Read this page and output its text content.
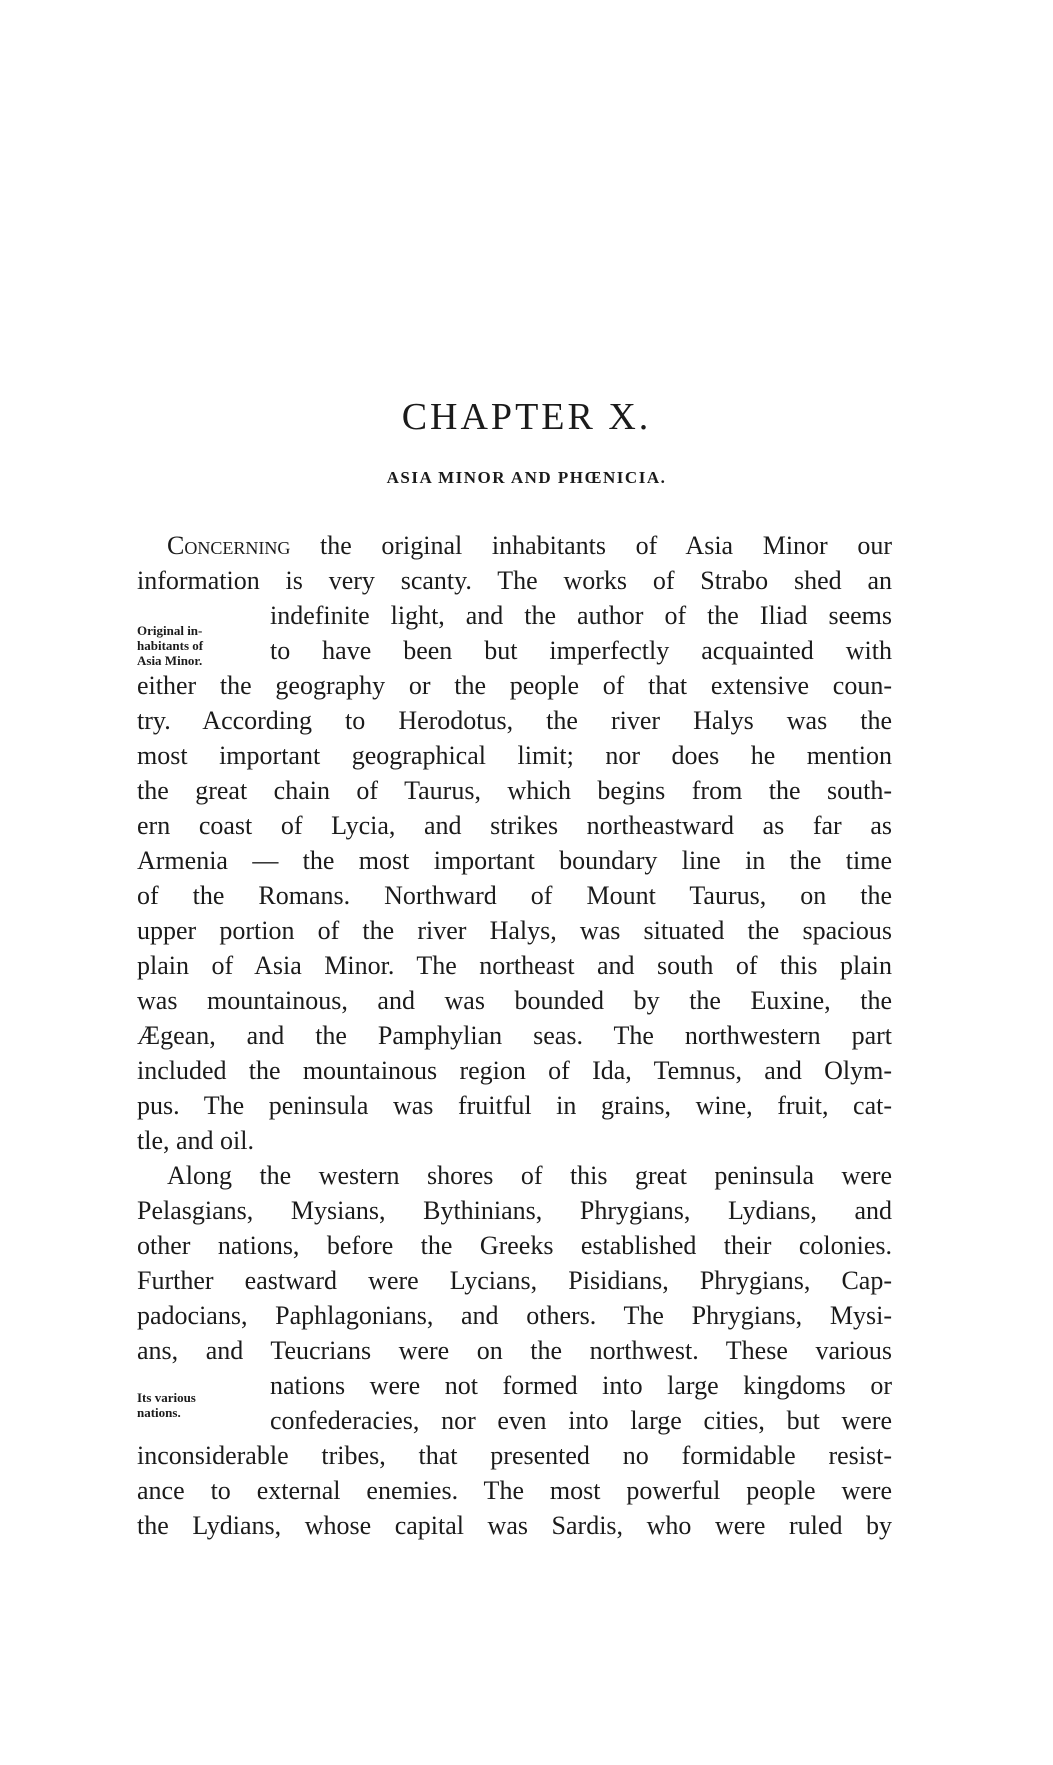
CHAPTER X.
ASIA MINOR AND PHŒNICIA.
Original in-
habitants of
Asia Minor.
Its various
nations.
Concerning the original inhabitants of Asia Minor our
information is very scanty. The works of Strabo shed an
indefinite light, and the author of the Iliad seems
to have been but imperfectly acquainted with
either the geography or the people of that extensive coun-
try. According to Herodotus, the river Halys was the
most important geographical limit; nor does he mention
the great chain of Taurus, which begins from the south-
ern coast of Lycia, and strikes northeastward as far as
Armenia — the most important boundary line in the time
of the Romans. Northward of Mount Taurus, on the
upper portion of the river Halys, was situated the spacious
plain of Asia Minor. The northeast and south of this plain
was mountainous, and was bounded by the Euxine, the
Ægean, and the Pamphylian seas. The northwestern part
included the mountainous region of Ida, Temnus, and Olym-
pus. The peninsula was fruitful in grains, wine, fruit, cat-
tle, and oil.
Along the western shores of this great peninsula were
Pelasgians, Mysians, Bythinians, Phrygians, Lydians, and
other nations, before the Greeks established their colonies.
Further eastward were Lycians, Pisidians, Phrygians, Cap-
padocians, Paphlagonians, and others. The Phrygians, Mysi-
ans, and Teucrians were on the northwest. These various
nations were not formed into large kingdoms or
confederacies, nor even into large cities, but were
inconsiderable tribes, that presented no formidable resist-
ance to external enemies. The most powerful people were
the Lydians, whose capital was Sardis, who were ruled by
